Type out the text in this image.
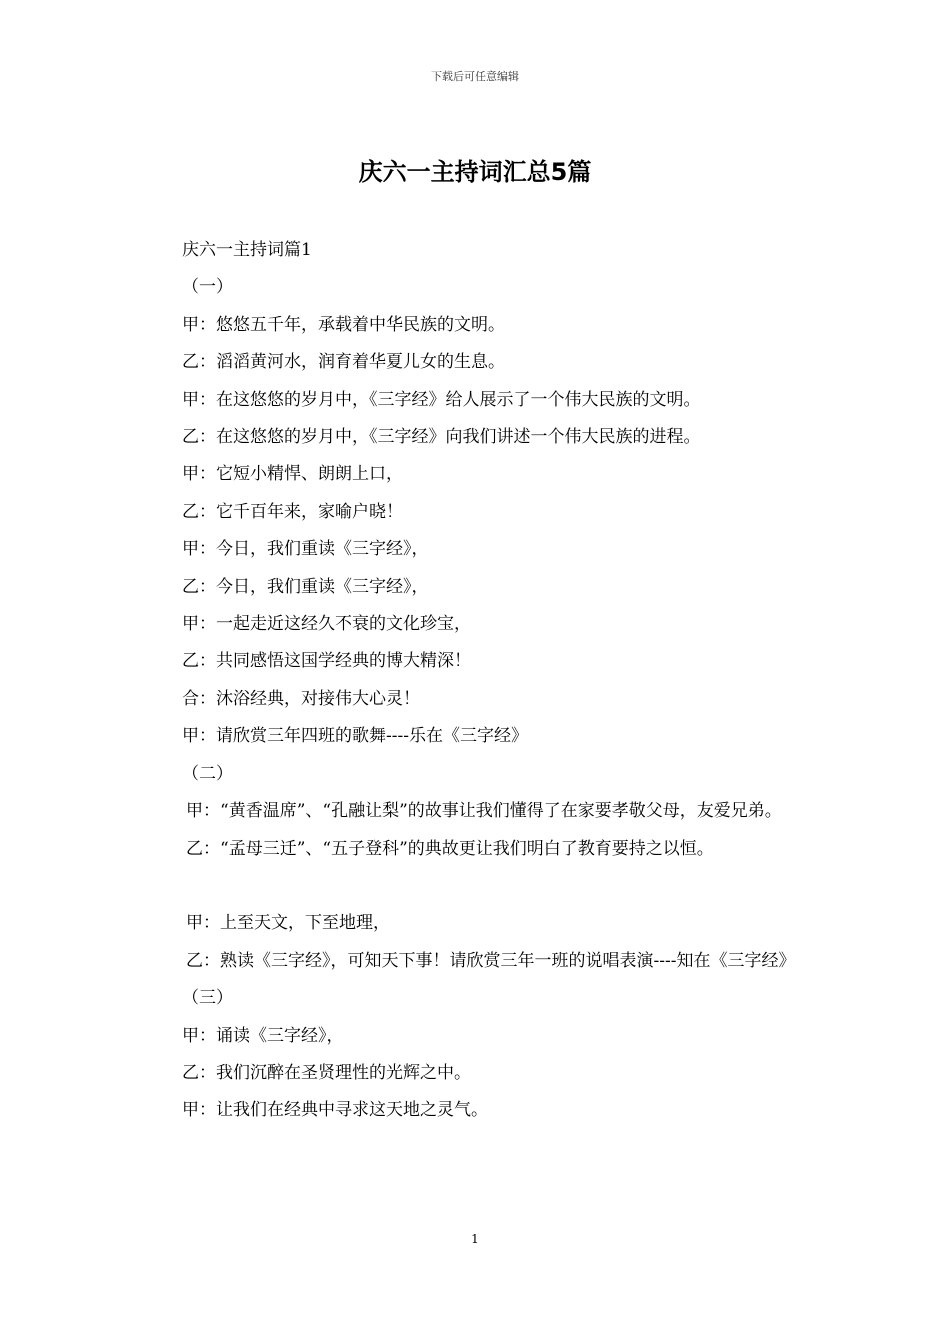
下载后可任意编辑
庆六一主持词汇总5篇

庆六一主持词篇1

（一）

甲：悠悠五千年，承载着中华民族的文明。

乙：滔滔黄河水，润育着华夏儿女的生息。

甲：在这悠悠的岁月中，《三字经》给人展示了一个伟大民族的文明。

乙：在这悠悠的岁月中，《三字经》向我们讲述一个伟大民族的进程。

甲：它短小精悍、朗朗上口，

乙：它千百年来，家喻户晓！

甲：今日，我们重读《三字经》，

乙：今日，我们重读《三字经》，

甲：一起走近这经久不衰的文化珍宝，

乙：共同感悟这国学经典的博大精深！

合：沐浴经典，对接伟大心灵！

甲：请欣赏三年四班的歌舞----乐在《三字经》

（二）

甲：“黄香温席”、“孔融让梨”的故事让我们懂得了在家要孝敬父母，友爱兄弟。

乙：“孟母三迁”、“五子登科”的典故更让我们明白了教育要持之以恒。

甲：上至天文，下至地理，

乙：熟读《三字经》，可知天下事！请欣赏三年一班的说唱表演----知在《三字经》

（三）

甲：诵读《三字经》，

乙：我们沉醉在圣贤理性的光辉之中。

甲：让我们在经典中寻求这天地之灵气。

1
